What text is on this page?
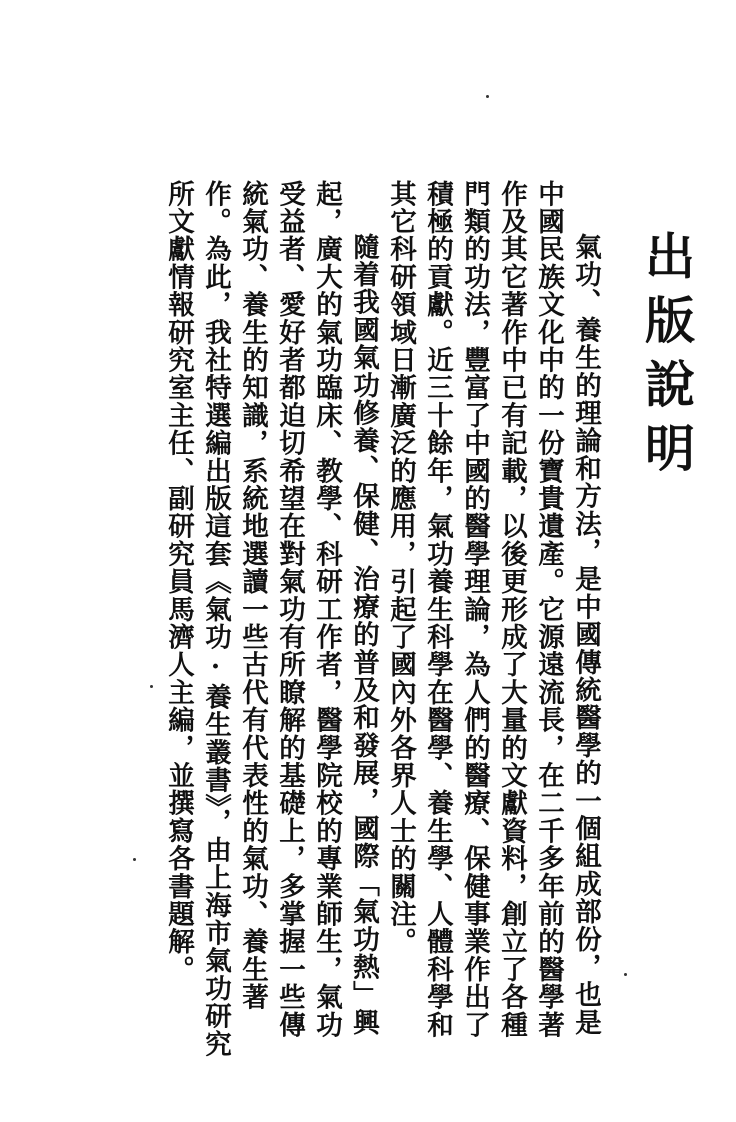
出版說明

氣功、養生的理論和方法，是中國傳統醫學的一個組成部份，也是中國民族文化中的一份寶貴遺產。它源遠流長，在二千多年前的醫學著作及其它著作中已有記載，以後更形成了大量的文獻資料，創立了各種門類的功法，豐富了中國的醫學理論，為人們的醫療、保健事業作出了積極的貢獻。近三十餘年，氣功養生科學在醫學、養生學、人體科學和其它科研領域日漸廣泛的應用，引起了國內外各界人士的關注。

隨着我國氣功修養、保健、治療的普及和發展，國際「氣功熱」興起，廣大的氣功臨床、教學、科研工作者，醫學院校的專業師生，氣功受益者、愛好者都迫切希望在對氣功有所瞭解的基礎上，多掌握一些傳統氣功、養生的知識，系統地選讀一些古代有代表性的氣功、養生著作。為此，我社特選編出版這套《氣功·養生叢書》，由上海市氣功研究所文獻情報研究室主任、副研究員馬濟人主編，並撰寫各書題解。
